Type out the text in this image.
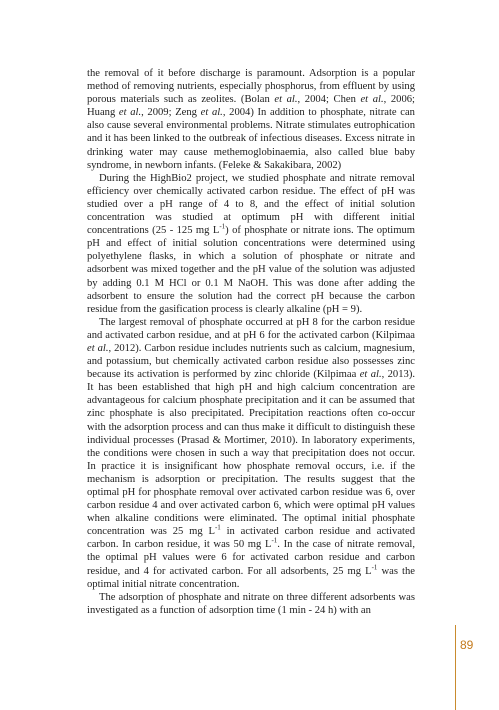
the removal of it before discharge is paramount. Adsorption is a popular method of removing nutrients, especially phosphorus, from effluent by using porous materials such as zeolites. (Bolan et al., 2004; Chen et al., 2006; Huang et al., 2009; Zeng et al., 2004) In addition to phosphate, nitrate can also cause several environmental problems. Nitrate stimulates eutrophication and it has been linked to the outbreak of infectious diseases. Excess nitrate in drinking water may cause methemoglobinaemia, also called blue baby syndrome, in newborn infants. (Feleke & Sakakibara, 2002)

During the HighBio2 project, we studied phosphate and nitrate removal efficiency over chemically activated carbon residue. The effect of pH was studied over a pH range of 4 to 8, and the effect of initial solution concentration was studied at optimum pH with different initial concentrations (25 - 125 mg $L^{-1}$) of phosphate or nitrate ions. The optimum pH and effect of initial solution concentrations were determined using polyethylene flasks, in which a solution of phosphate or nitrate and adsorbent was mixed together and the pH value of the solution was adjusted by adding 0.1 M HCl or 0.1 M NaOH. This was done after adding the adsorbent to ensure the solution had the correct pH because the carbon residue from the gasification process is clearly alkaline (pH = 9).

The largest removal of phosphate occurred at pH 8 for the carbon residue and activated carbon residue, and at pH 6 for the activated carbon (Kilpimaa et al., 2012). Carbon residue includes nutrients such as calcium, magnesium, and potassium, but chemically activated carbon residue also possesses zinc because its activation is performed by zinc chloride (Kilpimaa et al., 2013). It has been established that high pH and high calcium concentration are advantageous for calcium phosphate precipitation and it can be assumed that zinc phosphate is also precipitated. Precipitation reactions often co-occur with the adsorption process and can thus make it difficult to distinguish these individual processes (Prasad & Mortimer, 2010). In laboratory experiments, the conditions were chosen in such a way that precipitation does not occur. In practice it is insignificant how phosphate removal occurs, i.e. if the mechanism is adsorption or precipitation. The results suggest that the optimal pH for phosphate removal over activated carbon residue was 6, over carbon residue 4 and over activated carbon 6, which were optimal pH values when alkaline conditions were eliminated. The optimal initial phosphate concentration was 25 mg $L^{-1}$ in activated carbon residue and activated carbon. In carbon residue, it was 50 mg $L^{-1}$. In the case of nitrate removal, the optimal pH values were 6 for activated carbon residue and carbon residue, and 4 for activated carbon. For all adsorbents, 25 mg $L^{-1}$ was the optimal initial nitrate concentration.

The adsorption of phosphate and nitrate on three different adsorbents was investigated as a function of adsorption time (1 min - 24 h) with an

89
